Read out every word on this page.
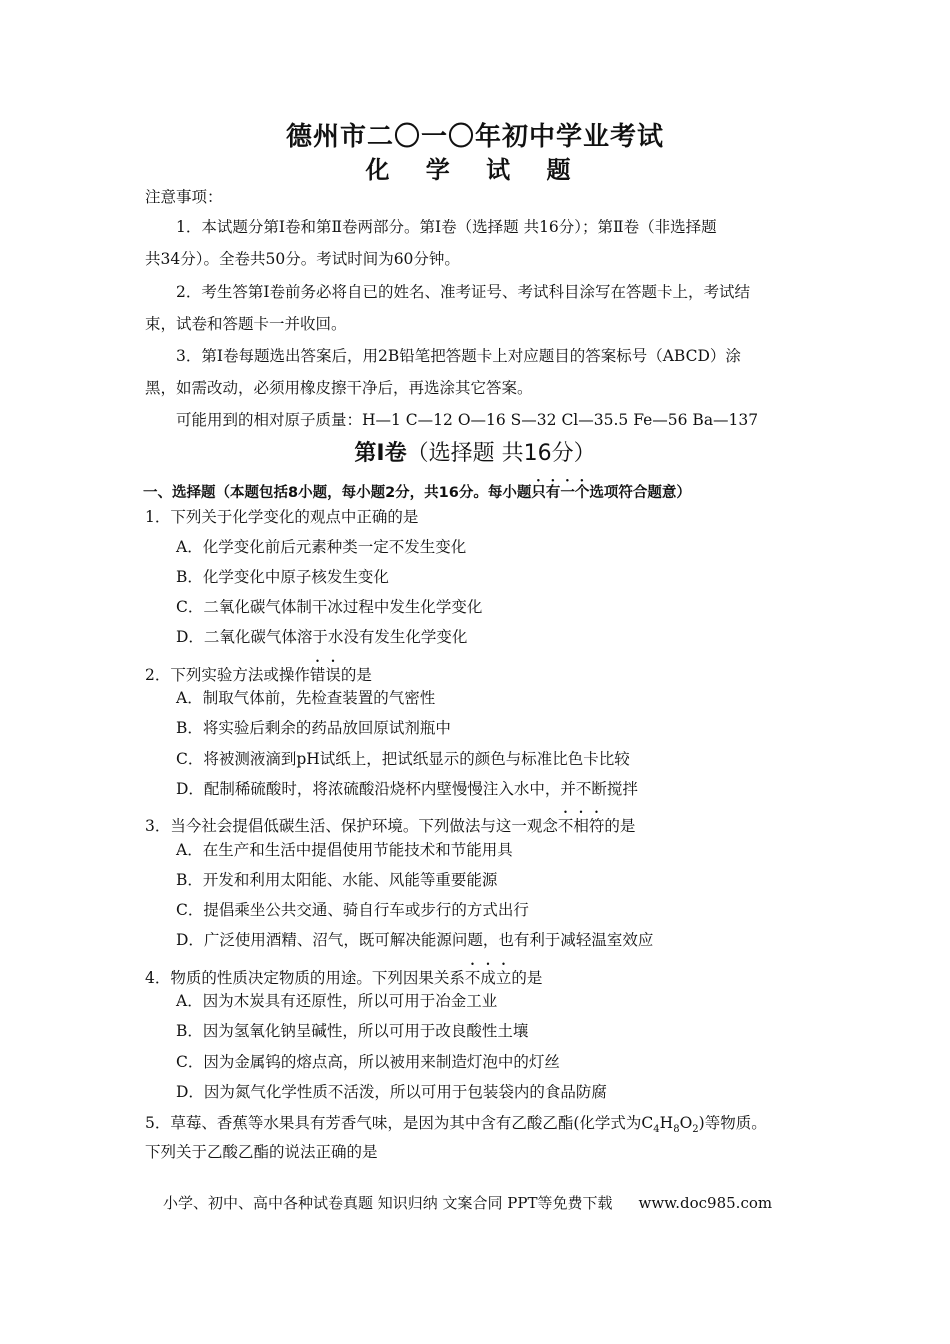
德州市二〇一〇年初中学业考试
化 学 试 题
注意事项：
1．本试题分第Ⅰ卷和第Ⅱ卷两部分。第Ⅰ卷（选择题 共16分）；第Ⅱ卷（非选择题
共34分）。全卷共50分。考试时间为60分钟。
2．考生答第Ⅰ卷前务必将自已的姓名、准考证号、考试科目涂写在答题卡上，考试结
束，试卷和答题卡一并收回。
3．第Ⅰ卷每题选出答案后，用2B铅笔把答题卡上对应题目的答案标号（ABCD）涂
黑，如需改动，必须用橡皮擦干净后，再选涂其它答案。
可能用到的相对原子质量：H—1 C—12 O—16 S—32 Cl—35.5 Fe—56 Ba—137
第Ⅰ卷（选择题 共16分）
一、选择题（本题包括8小题，每小题2分，共16分。每小题只有一个选项符合题意）
1．下列关于化学变化的观点中正确的是
A．化学变化前后元素种类一定不发生变化
B．化学变化中原子核发生变化
C．二氧化碳气体制干冰过程中发生化学变化
D．二氧化碳气体溶于水没有发生化学变化
2．下列实验方法或操作错误的是
A．制取气体前，先检查装置的气密性
B．将实验后剩余的药品放回原试剂瓶中
C．将被测液滴到pH试纸上，把试纸显示的颜色与标准比色卡比较
D．配制稀硫酸时，将浓硫酸沿烧杯内壁慢慢注入水中，并不断搅拌
3．当今社会提倡低碳生活、保护环境。下列做法与这一观念不相符的是
A．在生产和生活中提倡使用节能技术和节能用具
B．开发和利用太阳能、水能、风能等重要能源
C．提倡乘坐公共交通、骑自行车或步行的方式出行
D．广泛使用酒精、沼气，既可解决能源问题，也有利于减轻温室效应
4．物质的性质决定物质的用途。下列因果关系不成立的是
A．因为木炭具有还原性，所以可用于冶金工业
B．因为氢氧化钠呈碱性，所以可用于改良酸性土壤
C．因为金属钨的熔点高，所以被用来制造灯泡中的灯丝
D．因为氮气化学性质不活泼，所以可用于包装袋内的食品防腐
5．草莓、香蕉等水果具有芳香气味，是因为其中含有乙酸乙酯(化学式为$C_4H_8O_2$)等物质。
下列关于乙酸乙酯的说法正确的是
小学、初中、高中各种试卷真题 知识归纳 文案合同 PPT等免费下载 www.doc985.com
